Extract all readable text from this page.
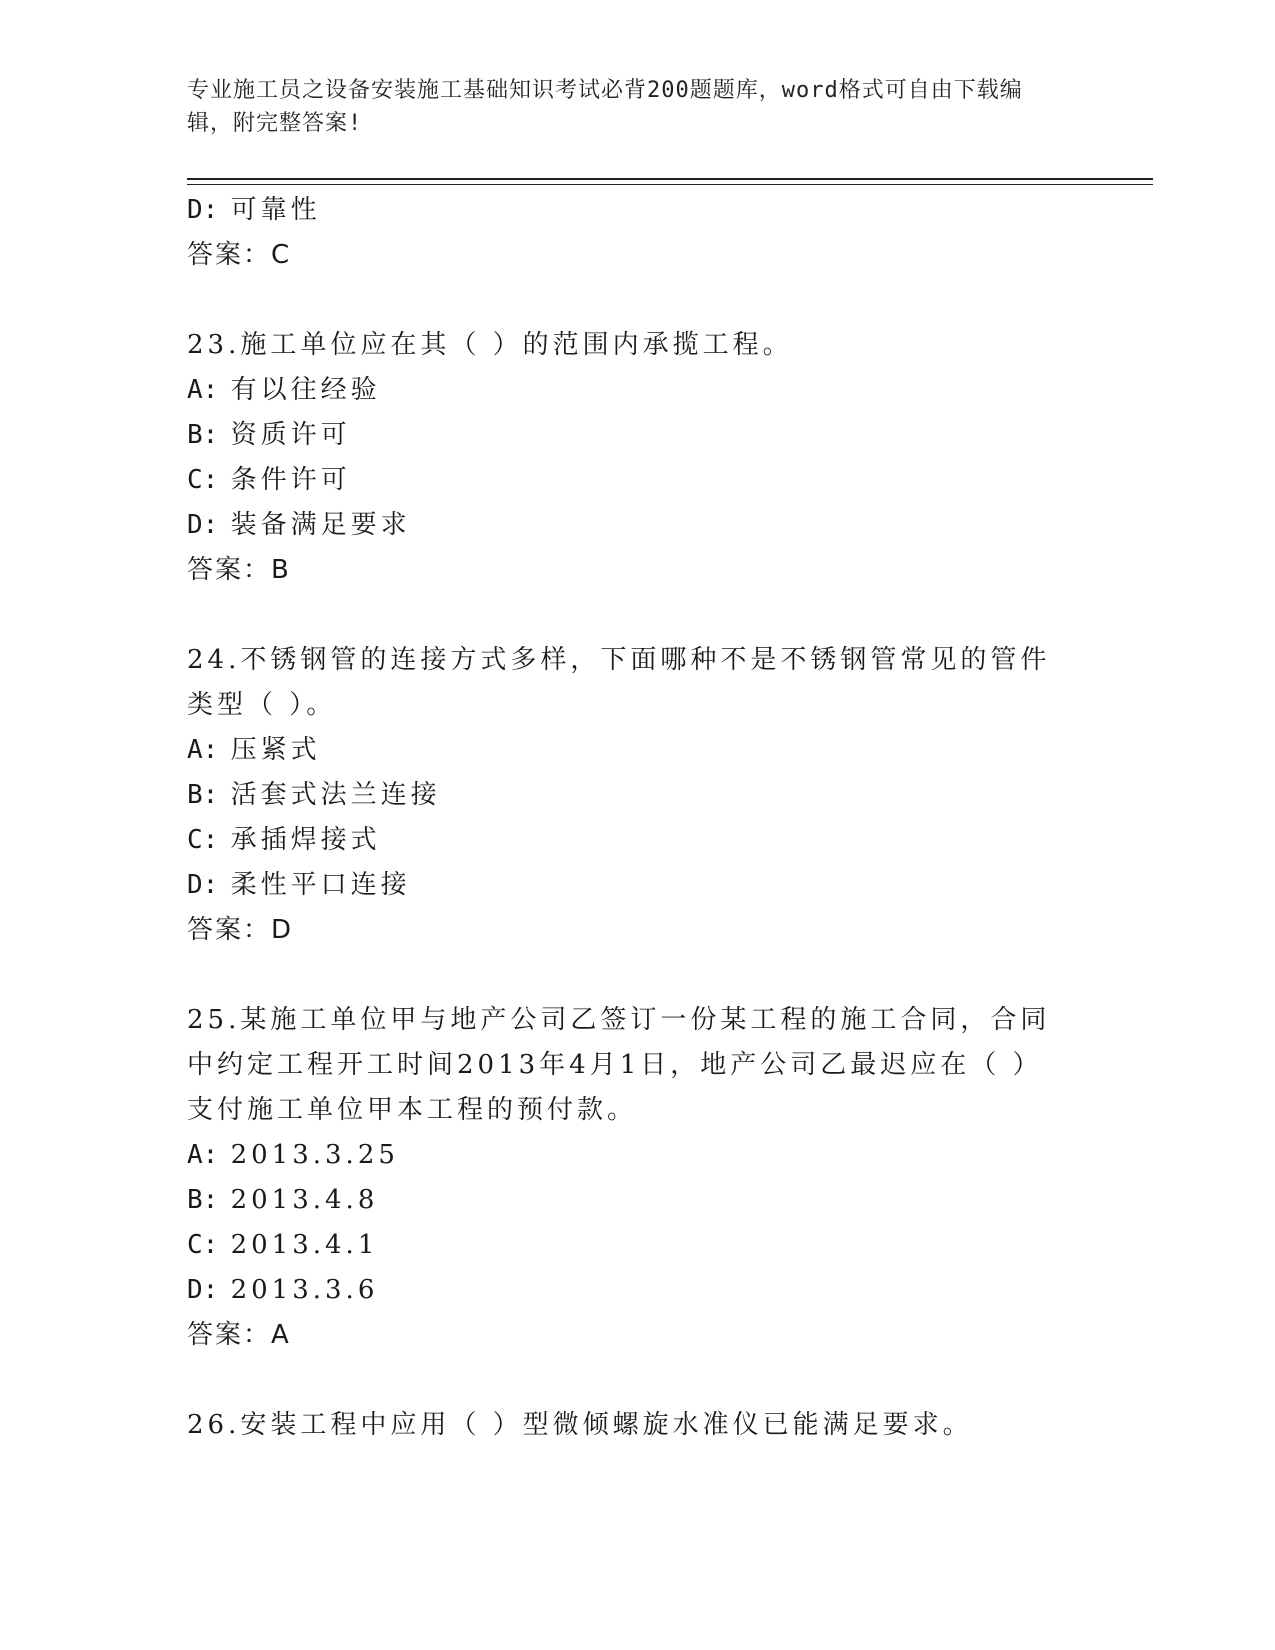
专业施工员之设备安装施工基础知识考试必背200题题库，word格式可自由下载编辑，附完整答案!
D: 可靠性
答案：C
23.施工单位应在其（ ）的范围内承揽工程。
A: 有以往经验
B: 资质许可
C: 条件许可
D: 装备满足要求
答案：B
24.不锈钢管的连接方式多样，下面哪种不是不锈钢管常见的管件类型（ ）。
A: 压紧式
B: 活套式法兰连接
C: 承插焊接式
D: 柔性平口连接
答案：D
25.某施工单位甲与地产公司乙签订一份某工程的施工合同，合同中约定工程开工时间2013年4月1日，地产公司乙最迟应在（ ）支付施工单位甲本工程的预付款。
A: 2013.3.25
B: 2013.4.8
C: 2013.4.1
D: 2013.3.6
答案：A
26.安装工程中应用（ ）型微倾螺旋水准仪已能满足要求。
